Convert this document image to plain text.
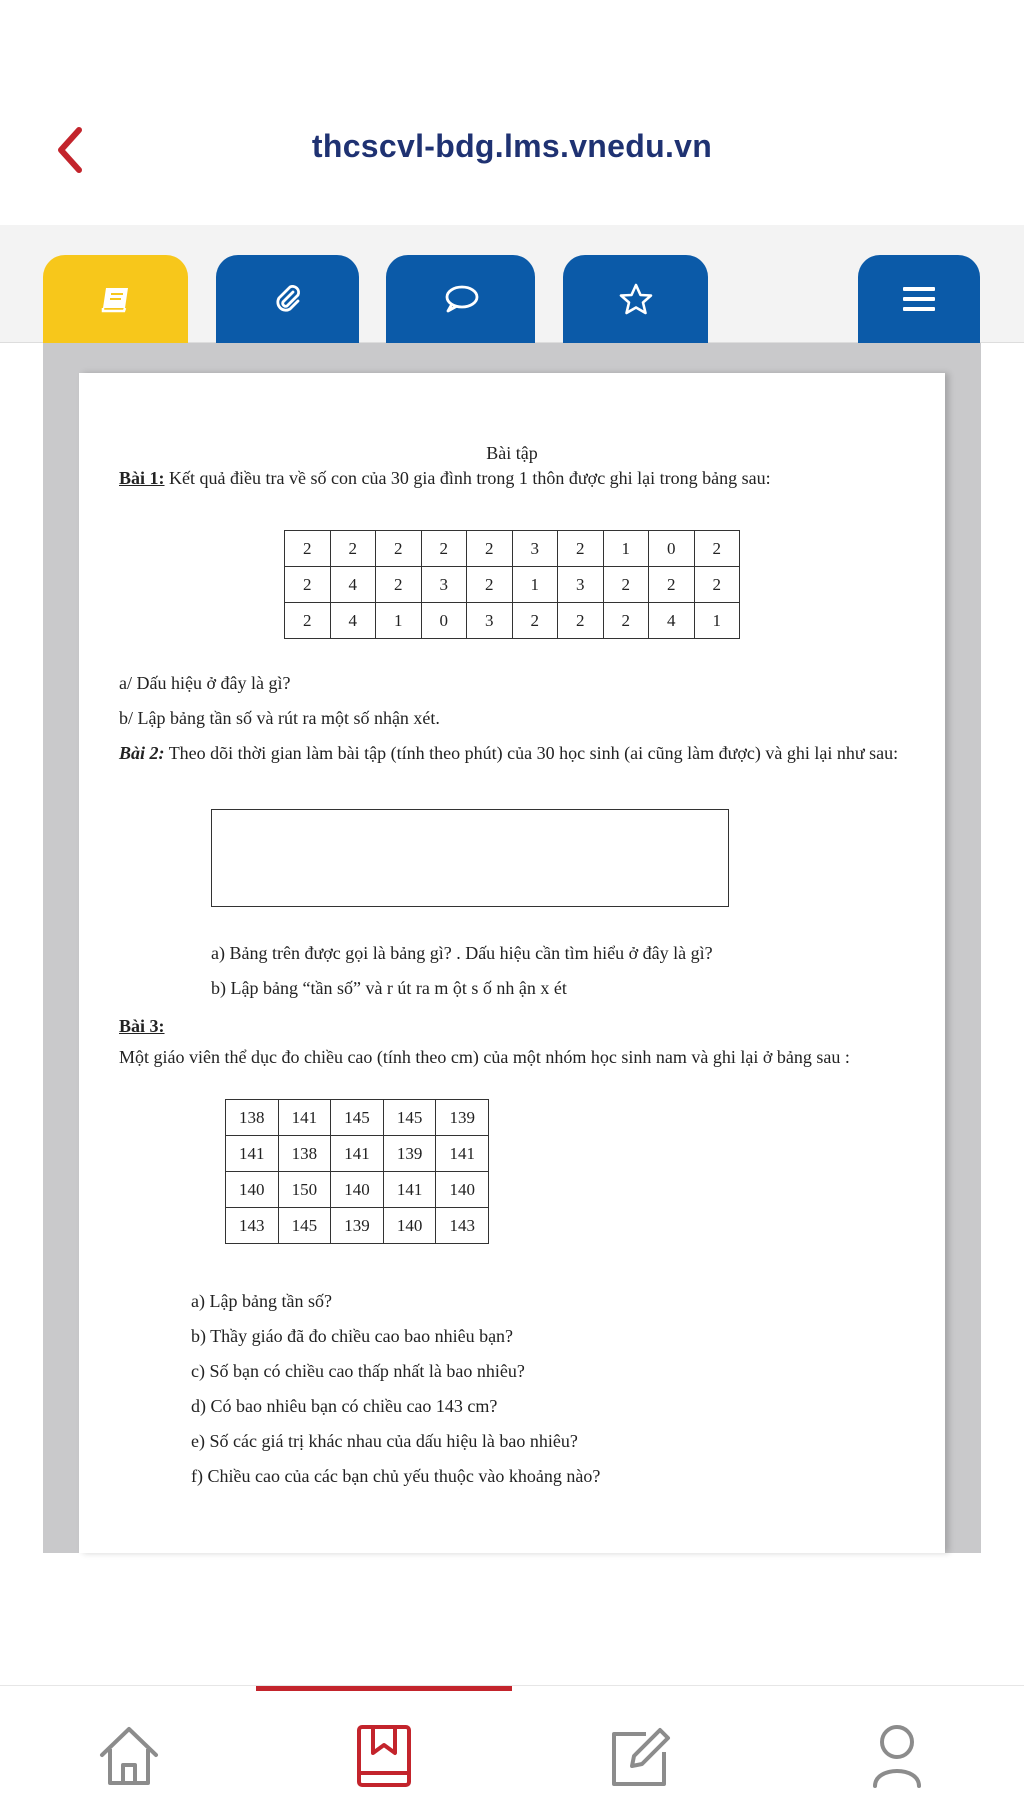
thcscvl-bdg.lms.vnedu.vn
Bài tập
Bài 1: Kết quả điều tra về số con của 30 gia đình trong 1 thôn được ghi lại trong bảng sau:
2	2	2	2	2	3	2	1	0	2
2	4	2	3	2	1	3	2	2	2
2	4	1	0	3	2	2	2	4	1
a/ Dấu hiệu ở đây là gì?
b/ Lập bảng tần số và rút ra một số nhận xét.
Bài 2: Theo dõi thời gian làm bài tập (tính theo phút) của 30 học sinh (ai cũng làm được) và ghi lại như sau:
a) Bảng trên được gọi là bảng gì? . Dấu hiệu cần tìm hiểu ở đây là gì?
b) Lập bảng “tần số” và r út ra m ột s ố nh ận x ét
Bài 3:
Một giáo viên thể dục đo chiều cao (tính theo cm) của một nhóm học sinh nam và ghi lại ở bảng sau :
138	141	145	145	139
141	138	141	139	141
140	150	140	141	140
143	145	139	140	143
a) Lập bảng tần số?
b) Thầy giáo đã đo chiều cao bao nhiêu bạn?
c) Số bạn có chiều cao thấp nhất là bao nhiêu?
d) Có bao nhiêu bạn có chiều cao 143 cm?
e) Số các giá trị khác nhau của dấu hiệu là bao nhiêu?
f) Chiều cao của các bạn chủ yếu thuộc vào khoảng nào?
